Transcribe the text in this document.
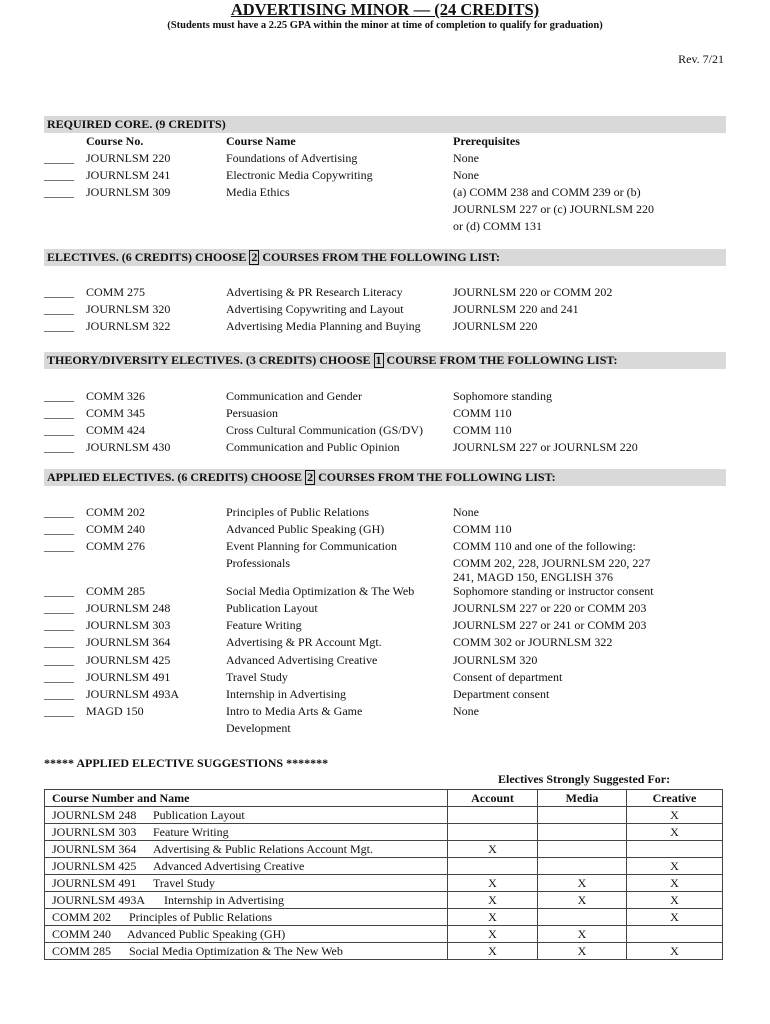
Rev. 7/21
ADVERTISING MINOR — (24 CREDITS)
(Students must have a 2.25 GPA within the minor at time of completion to qualify for graduation)
REQUIRED CORE. (9 CREDITS)
Course No.	Course Name	Prerequisites
_____ JOURNLSM 220	Foundations of Advertising	None
_____ JOURNLSM 241	Electronic Media Copywriting	None
_____ JOURNLSM 309	Media Ethics	(a) COMM 238 and COMM 239 or (b)
JOURNLSM 227 or (c) JOURNLSM 220
or (d) COMM 131
ELECTIVES. (6 CREDITS) CHOOSE 2 COURSES FROM THE FOLLOWING LIST:
_____ COMM 275	Advertising & PR Research Literacy	JOURNLSM 220 or COMM 202
_____ JOURNLSM 320	Advertising Copywriting and Layout	JOURNLSM 220 and 241
_____ JOURNLSM 322	Advertising Media Planning and Buying	JOURNLSM 220
THEORY/DIVERSITY ELECTIVES. (3 CREDITS) CHOOSE 1 COURSE FROM THE FOLLOWING LIST:
_____ COMM 326	Communication and Gender	Sophomore standing
_____ COMM 345	Persuasion	COMM 110
_____ COMM 424	Cross Cultural Communication (GS/DV)	COMM 110
_____ JOURNLSM 430	Communication and Public Opinion	JOURNLSM 227 or JOURNLSM 220
APPLIED ELECTIVES. (6 CREDITS) CHOOSE 2 COURSES FROM THE FOLLOWING LIST:
_____ COMM 202	Principles of Public Relations	None
_____ COMM 240	Advanced Public Speaking (GH)	COMM 110
_____ COMM 276	Event Planning for Communication	COMM 110 and one of the following:
Professionals	COMM 202, 228, JOURNLSM 220, 227
241, MAGD 150, ENGLISH 376
_____ COMM 285	Social Media Optimization & The Web	Sophomore standing or instructor consent
_____ JOURNLSM 248	Publication Layout	JOURNLSM 227 or 220 or COMM 203
_____ JOURNLSM 303	Feature Writing	JOURNLSM 227 or 241 or COMM 203
_____ JOURNLSM 364	Advertising & PR Account Mgt.	COMM 302 or JOURNLSM 322
_____ JOURNLSM 425	Advanced Advertising Creative	JOURNLSM 320
_____ JOURNLSM 491	Travel Study	Consent of department
_____ JOURNLSM 493A	Internship in Advertising	Department consent
_____ MAGD 150	Intro to Media Arts & Game	None
Development
***** APPLIED ELECTIVE SUGGESTIONS *******
Electives Strongly Suggested For:
Course Number and Name	Account	Media	Creative
JOURNLSM 248 Publication Layout			X
JOURNLSM 303 Feature Writing			X
JOURNLSM 364 Advertising & Public Relations Account Mgt.	X		
JOURNLSM 425 Advanced Advertising Creative			X
JOURNLSM 491 Travel Study	X	X	X
JOURNLSM 493A Internship in Advertising	X	X	X
COMM 202 Principles of Public Relations	X		X
COMM 240 Advanced Public Speaking (GH)	X	X	
COMM 285 Social Media Optimization & The New Web	X	X	X
